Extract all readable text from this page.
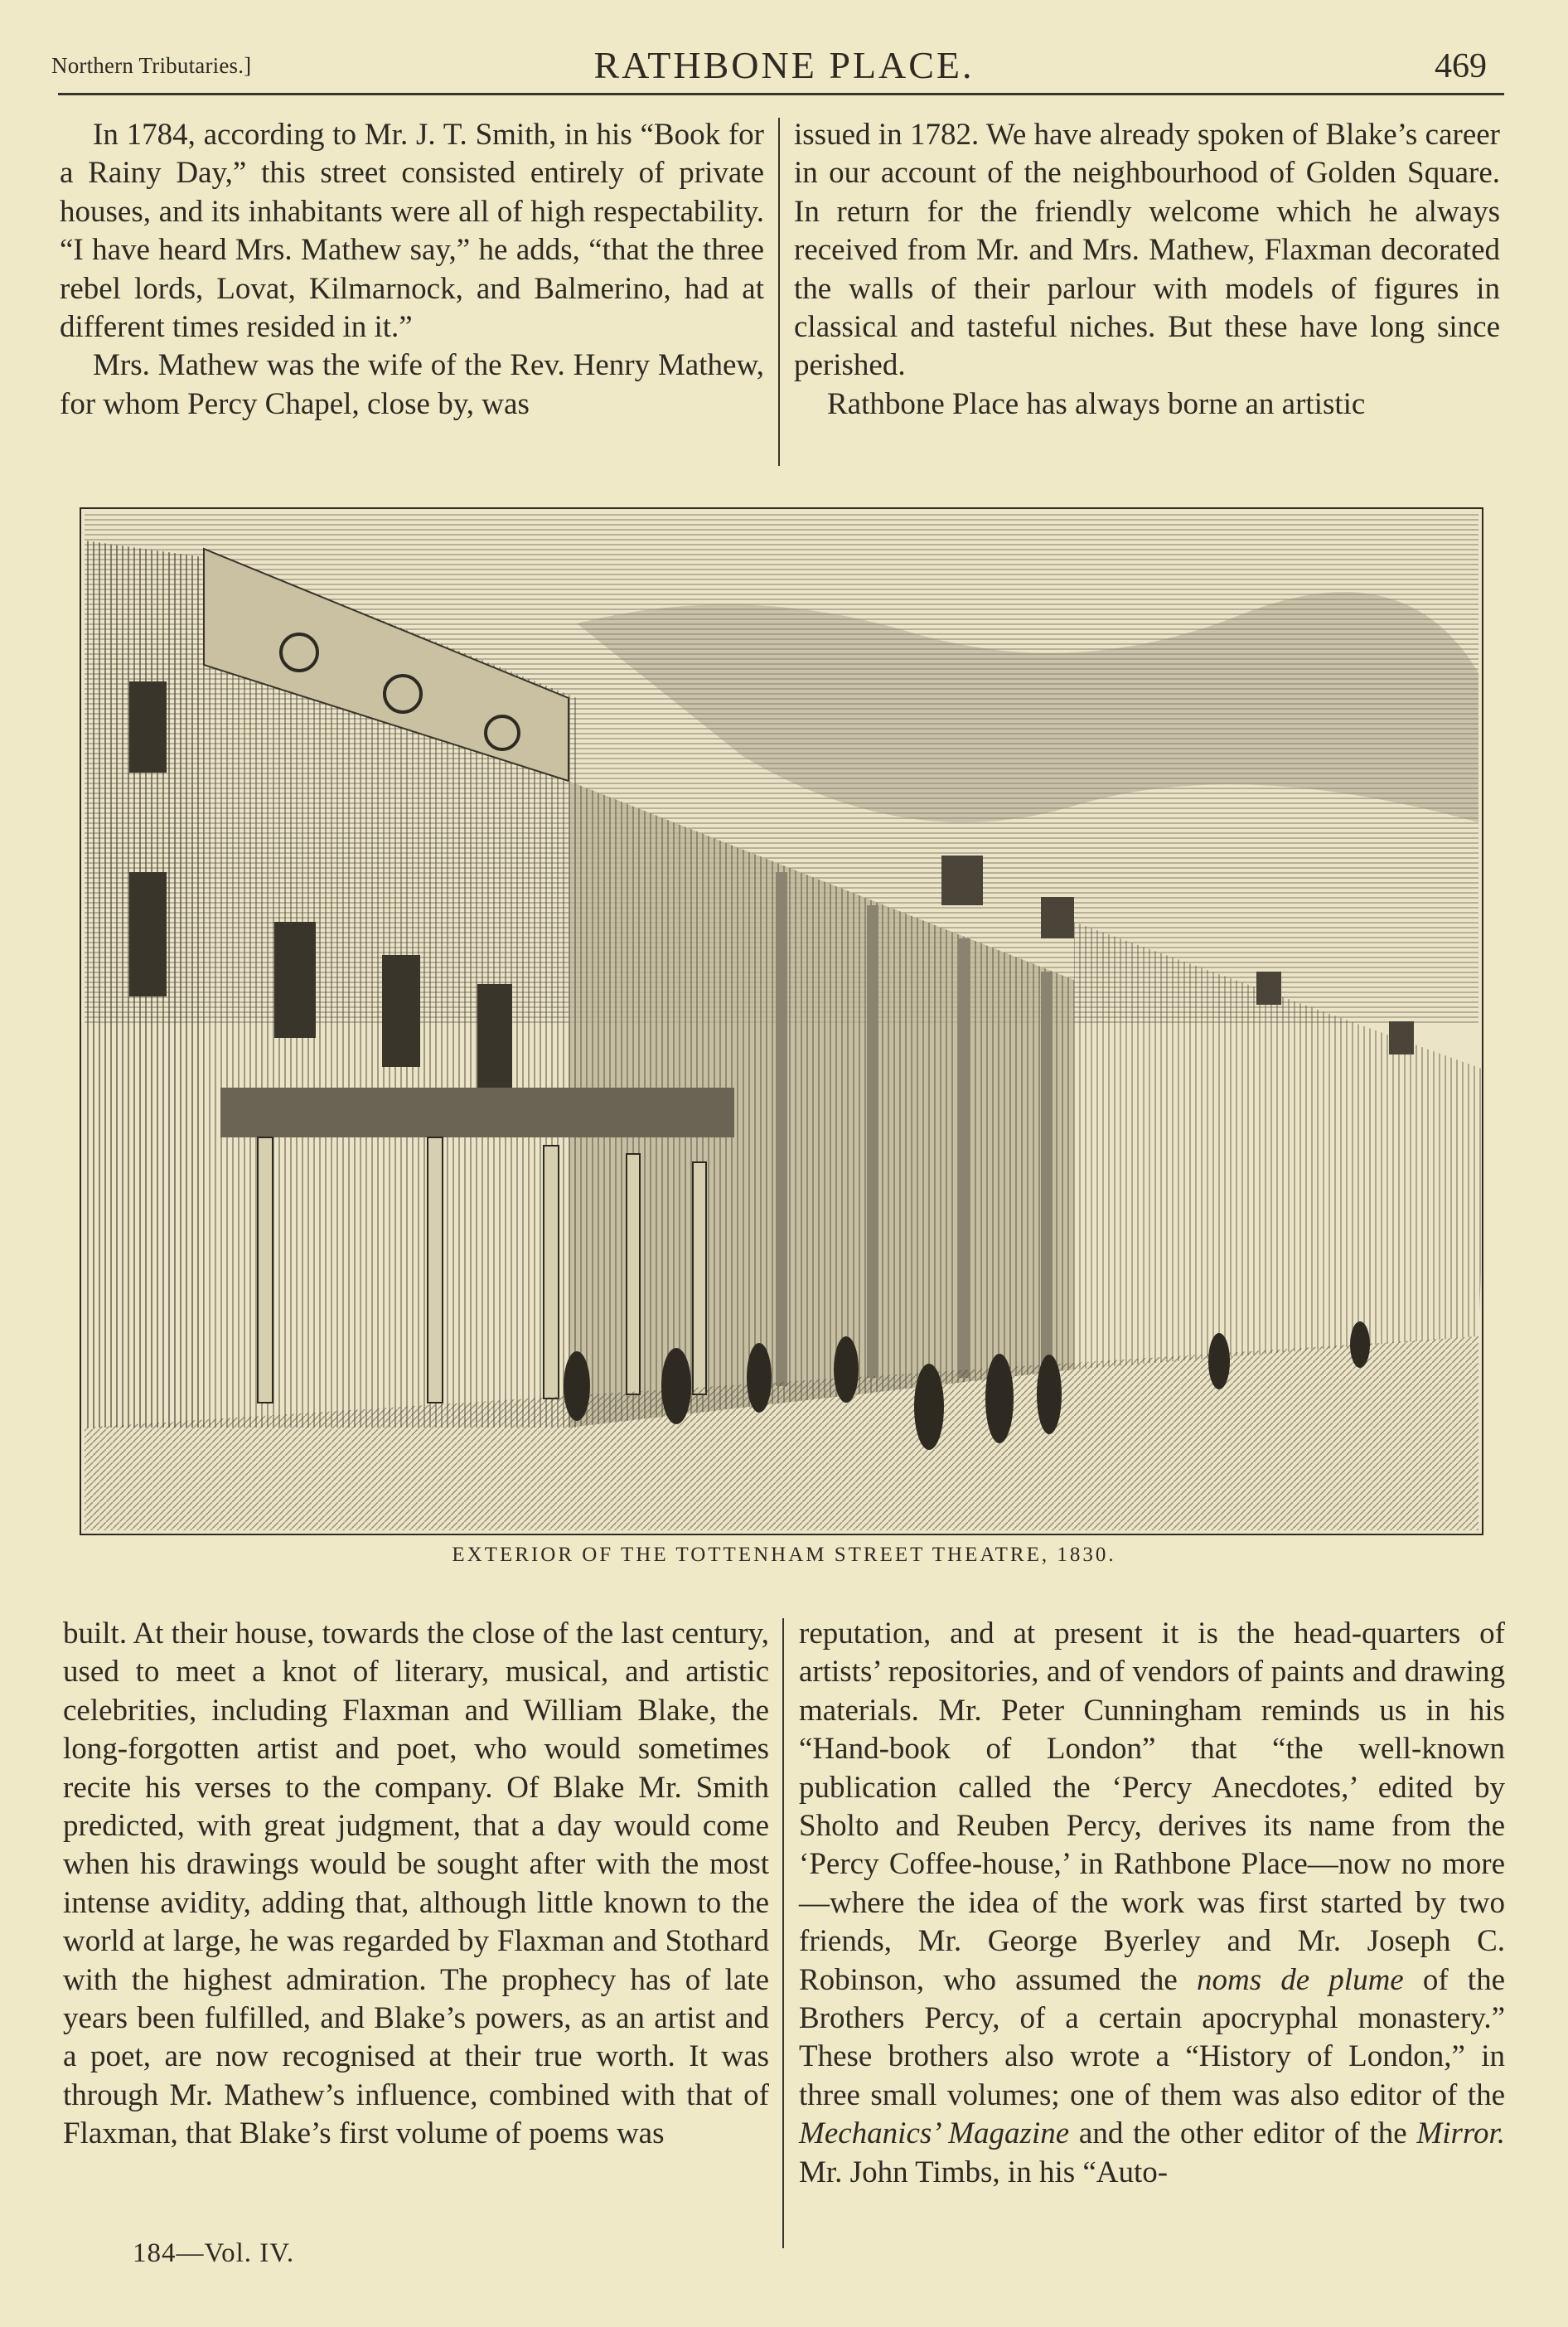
Northern Tributaries.]	RATHBONE PLACE.	469

In 1784, according to Mr. J. T. Smith, in his “Book for a Rainy Day,” this street consisted entirely of private houses, and its inhabitants were all of high respectability. “I have heard Mrs. Mathew say,” he adds, “that the three rebel lords, Lovat, Kilmarnock, and Balmerino, had at different times resided in it.”

Mrs. Mathew was the wife of the Rev. Henry Mathew, for whom Percy Chapel, close by, was

issued in 1782. We have already spoken of Blake’s career in our account of the neighbourhood of Golden Square. In return for the friendly welcome which he always received from Mr. and Mrs. Mathew, Flaxman decorated the walls of their parlour with models of figures in classical and tasteful niches. But these have long since perished.

Rathbone Place has always borne an artistic

EXTERIOR OF THE TOTTENHAM STREET THEATRE, 1830.

built. At their house, towards the close of the last century, used to meet a knot of literary, musical, and artistic celebrities, including Flaxman and William Blake, the long-forgotten artist and poet, who would sometimes recite his verses to the company. Of Blake Mr. Smith predicted, with great judgment, that a day would come when his drawings would be sought after with the most intense avidity, adding that, although little known to the world at large, he was regarded by Flaxman and Stothard with the highest admiration. The prophecy has of late years been fulfilled, and Blake’s powers, as an artist and a poet, are now recognised at their true worth. It was through Mr. Mathew’s influence, combined with that of Flaxman, that Blake’s first volume of poems was

reputation, and at present it is the head-quarters of artists’ repositories, and of vendors of paints and drawing materials. Mr. Peter Cunningham reminds us in his “Hand-book of London” that “the well-known publication called the ‘Percy Anecdotes,’ edited by Sholto and Reuben Percy, derives its name from the ‘Percy Coffee-house,’ in Rathbone Place—now no more—where the idea of the work was first started by two friends, Mr. George Byerley and Mr. Joseph C. Robinson, who assumed the noms de plume of the Brothers Percy, of a certain apocryphal monastery.” These brothers also wrote a “History of London,” in three small volumes; one of them was also editor of the Mechanics’ Magazine and the other editor of the Mirror. Mr. John Timbs, in his “Auto-

184—Vol. IV.
